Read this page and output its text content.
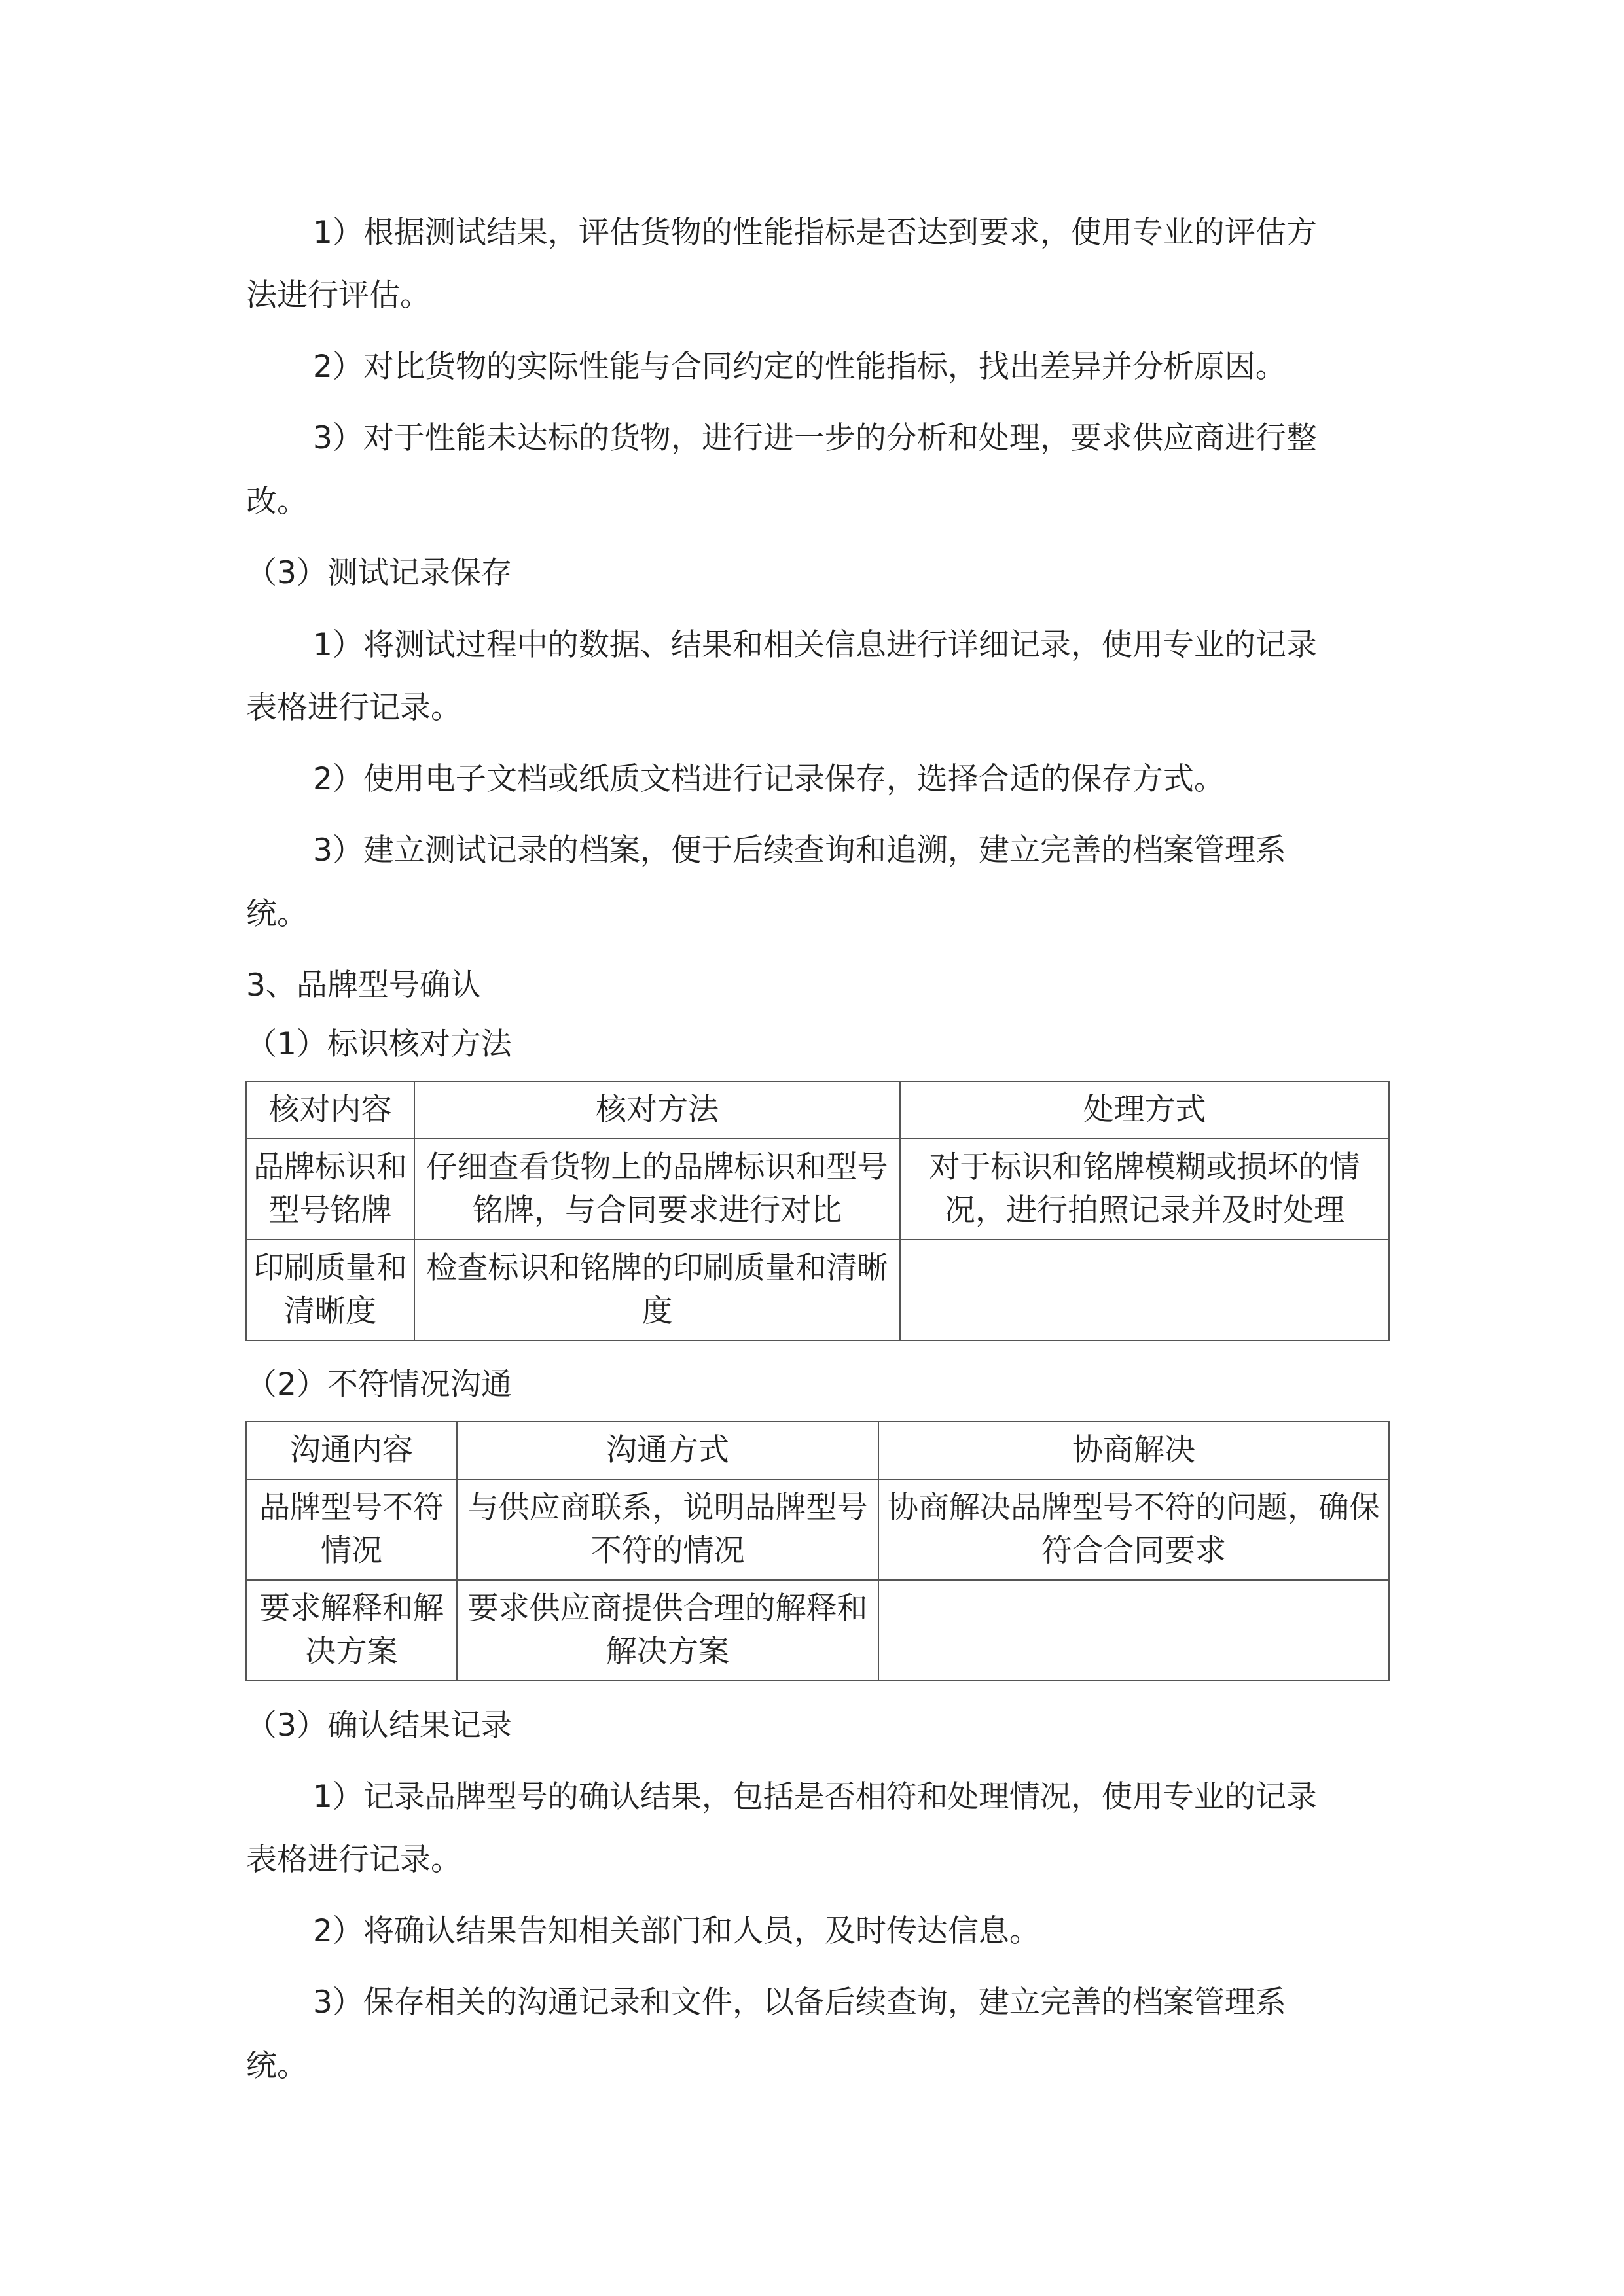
1）根据测试结果，评估货物的性能指标是否达到要求，使用专业的评估方
法进行评估。
2）对比货物的实际性能与合同约定的性能指标，找出差异并分析原因。
3）对于性能未达标的货物，进行进一步的分析和处理，要求供应商进行整
改。
（3）测试记录保存
1）将测试过程中的数据、结果和相关信息进行详细记录，使用专业的记录
表格进行记录。
2）使用电子文档或纸质文档进行记录保存，选择合适的保存方式。
3）建立测试记录的档案，便于后续查询和追溯，建立完善的档案管理系
统。
3、品牌型号确认
（1）标识核对方法
核对内容	核对方法	处理方式
品牌标识和型号铭牌	仔细查看货物上的品牌标识和型号铭牌，与合同要求进行对比	对于标识和铭牌模糊或损坏的情况，进行拍照记录并及时处理
印刷质量和清晰度	检查标识和铭牌的印刷质量和清晰度	
（2）不符情况沟通
沟通内容	沟通方式	协商解决
品牌型号不符情况	与供应商联系，说明品牌型号不符的情况	协商解决品牌型号不符的问题，确保符合合同要求
要求解释和解决方案	要求供应商提供合理的解释和解决方案	
（3）确认结果记录
1）记录品牌型号的确认结果，包括是否相符和处理情况，使用专业的记录
表格进行记录。
2）将确认结果告知相关部门和人员，及时传达信息。
3）保存相关的沟通记录和文件，以备后续查询，建立完善的档案管理系
统。
